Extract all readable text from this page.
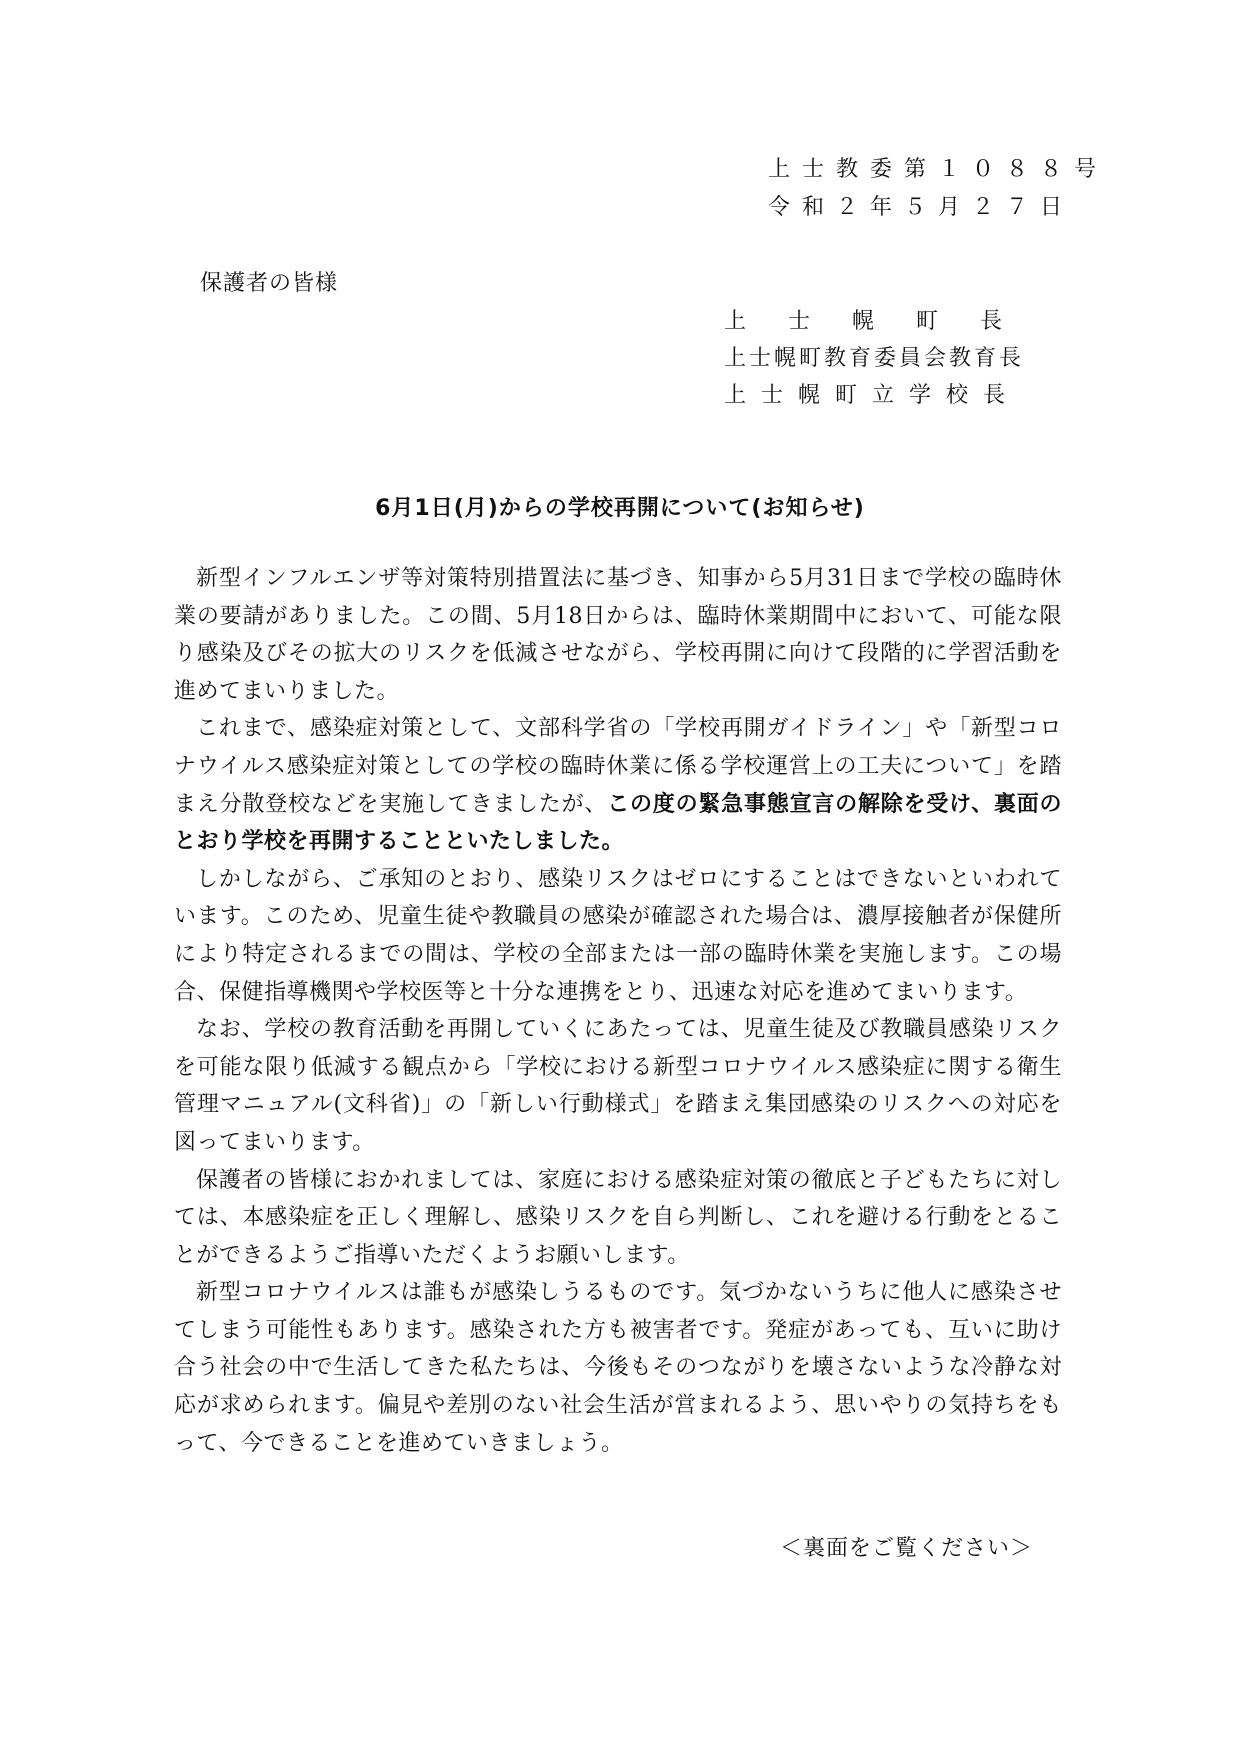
上士教委第１０８８号
令和２年５月２７日
保護者の皆様
上士幌町長
上士幌町教育委員会教育長
上士幌町立学校長
6月1日(月)からの学校再開について(お知らせ)

新型インフルエンザ等対策特別措置法に基づき、知事から5月31日まで学校の臨時休業の要請がありました。この間、5月18日からは、臨時休業期間中において、可能な限り感染及びその拡大のリスクを低減させながら、学校再開に向けて段階的に学習活動を進めてまいりました。

これまで、感染症対策として、文部科学省の「学校再開ガイドライン」や「新型コロナウイルス感染症対策としての学校の臨時休業に係る学校運営上の工夫について」を踏まえ分散登校などを実施してきましたが、この度の緊急事態宣言の解除を受け、裏面のとおり学校を再開することといたしました。

しかしながら、ご承知のとおり、感染リスクはゼロにすることはできないといわれています。このため、児童生徒や教職員の感染が確認された場合は、濃厚接触者が保健所により特定されるまでの間は、学校の全部または一部の臨時休業を実施します。この場合、保健指導機関や学校医等と十分な連携をとり、迅速な対応を進めてまいります。

なお、学校の教育活動を再開していくにあたっては、児童生徒及び教職員感染リスクを可能な限り低減する観点から「学校における新型コロナウイルス感染症に関する衛生管理マニュアル(文科省)」の「新しい行動様式」を踏まえ集団感染のリスクへの対応を図ってまいります。

保護者の皆様におかれましては、家庭における感染症対策の徹底と子どもたちに対しては、本感染症を正しく理解し、感染リスクを自ら判断し、これを避ける行動をとることができるようご指導いただくようお願いします。

新型コロナウイルスは誰もが感染しうるものです。気づかないうちに他人に感染させてしまう可能性もあります。感染された方も被害者です。発症があっても、互いに助け合う社会の中で生活してきた私たちは、今後もそのつながりを壊さないような冷静な対応が求められます。偏見や差別のない社会生活が営まれるよう、思いやりの気持ちをもって、今できることを進めていきましょう。

＜裏面をご覧ください＞
